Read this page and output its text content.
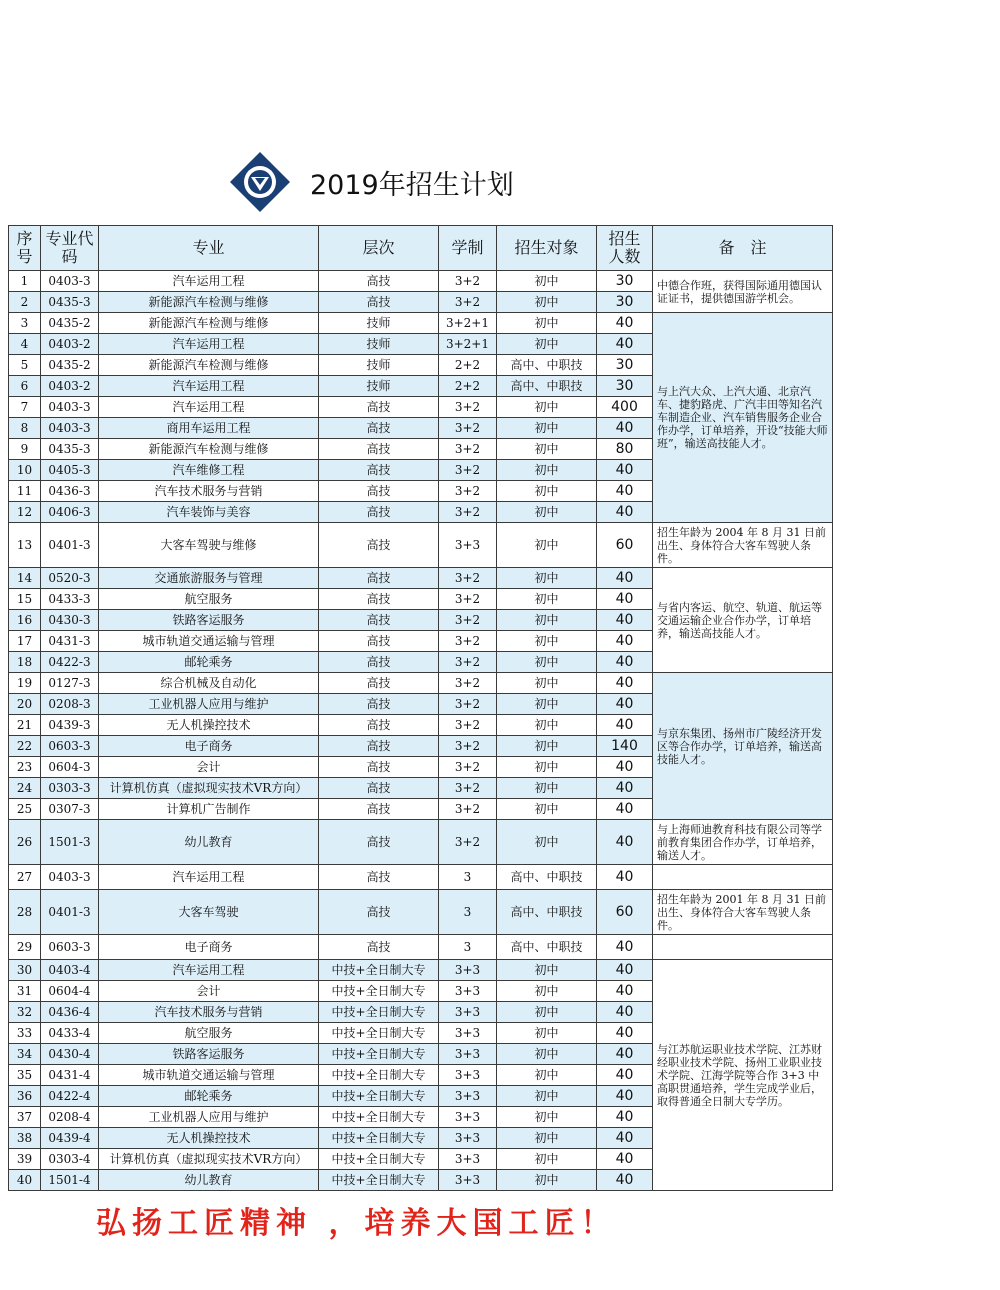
2019年招生计划
序号	专业代码	专业	层次	学制	招生对象	招生人数	备　注
1	0403-3	汽车运用工程	高技	3+2	初中	30	中德合作班，获得国际通用德国认证证书，提供德国游学机会。
2	0435-3	新能源汽车检测与维修	高技	3+2	初中	30	
3	0435-2	新能源汽车检测与维修	技师	3+2+1	初中	40	与上汽大众、上汽大通、北京汽车、捷豹路虎、广汽丰田等知名汽车制造企业、汽车销售服务企业合作办学，订单培养，开设“技能大师班”，输送高技能人才。
4	0403-2	汽车运用工程	技师	3+2+1	初中	40	
5	0435-2	新能源汽车检测与维修	技师	2+2	高中、中职技	30	
6	0403-2	汽车运用工程	技师	2+2	高中、中职技	30	
7	0403-3	汽车运用工程	高技	3+2	初中	400	
8	0403-3	商用车运用工程	高技	3+2	初中	40	
9	0435-3	新能源汽车检测与维修	高技	3+2	初中	80	
10	0405-3	汽车维修工程	高技	3+2	初中	40	
11	0436-3	汽车技术服务与营销	高技	3+2	初中	40	
12	0406-3	汽车装饰与美容	高技	3+2	初中	40	
13	0401-3	大客车驾驶与维修	高技	3+3	初中	60	招生年龄为 2004 年 8 月 31 日前出生、身体符合大客车驾驶人条件。
14	0520-3	交通旅游服务与管理	高技	3+2	初中	40	与省内客运、航空、轨道、航运等交通运输企业合作办学，订单培养，输送高技能人才。
15	0433-3	航空服务	高技	3+2	初中	40	
16	0430-3	铁路客运服务	高技	3+2	初中	40	
17	0431-3	城市轨道交通运输与管理	高技	3+2	初中	40	
18	0422-3	邮轮乘务	高技	3+2	初中	40	
19	0127-3	综合机械及自动化	高技	3+2	初中	40	与京东集团、扬州市广陵经济开发区等合作办学，订单培养，输送高技能人才。
20	0208-3	工业机器人应用与维护	高技	3+2	初中	40	
21	0439-3	无人机操控技术	高技	3+2	初中	40	
22	0603-3	电子商务	高技	3+2	初中	140	
23	0604-3	会计	高技	3+2	初中	40	
24	0303-3	计算机仿真（虚拟现实技术VR方向）	高技	3+2	初中	40	
25	0307-3	计算机广告制作	高技	3+2	初中	40	
26	1501-3	幼儿教育	高技	3+2	初中	40	与上海师迪教育科技有限公司等学前教育集团合作办学，订单培养，输送人才。
27	0403-3	汽车运用工程	高技	3	高中、中职技	40	
28	0401-3	大客车驾驶	高技	3	高中、中职技	60	招生年龄为 2001 年 8 月 31 日前出生、身体符合大客车驾驶人条件。
29	0603-3	电子商务	高技	3	高中、中职技	40	
30	0403-4	汽车运用工程	中技+全日制大专	3+3	初中	40	与江苏航运职业技术学院、江苏财经职业技术学院、扬州工业职业技术学院、江海学院等合作 3+3 中高职贯通培养，学生完成学业后，取得普通全日制大专学历。
31	0604-4	会计	中技+全日制大专	3+3	初中	40	
32	0436-4	汽车技术服务与营销	中技+全日制大专	3+3	初中	40	
33	0433-4	航空服务	中技+全日制大专	3+3	初中	40	
34	0430-4	铁路客运服务	中技+全日制大专	3+3	初中	40	
35	0431-4	城市轨道交通运输与管理	中技+全日制大专	3+3	初中	40	
36	0422-4	邮轮乘务	中技+全日制大专	3+3	初中	40	
37	0208-4	工业机器人应用与维护	中技+全日制大专	3+3	初中	40	
38	0439-4	无人机操控技术	中技+全日制大专	3+3	初中	40	
39	0303-4	计算机仿真（虚拟现实技术VR方向）	中技+全日制大专	3+3	初中	40	
40	1501-4	幼儿教育	中技+全日制大专	3+3	初中	40	
弘扬工匠精神 ，培养大国工匠！
